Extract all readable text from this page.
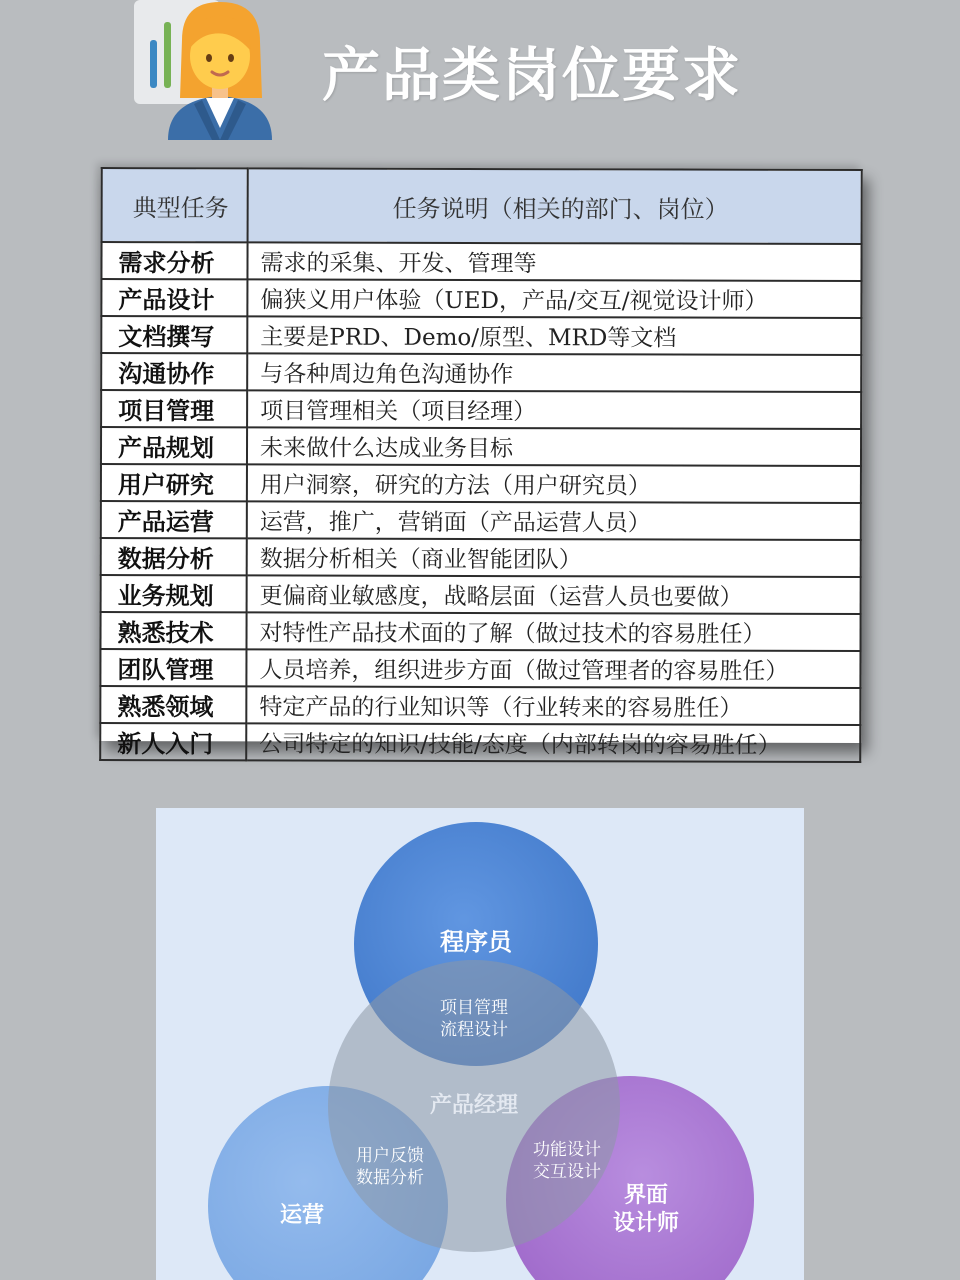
产品类岗位要求
典型任务	任务说明（相关的部门、岗位）
需求分析	需求的采集、开发、管理等
产品设计	偏狭义用户体验（UED，产品/交互/视觉设计师）
文档撰写	主要是PRD、Demo/原型、MRD等文档
沟通协作	与各种周边角色沟通协作
项目管理	项目管理相关（项目经理）
产品规划	未来做什么达成业务目标
用户研究	用户洞察，研究的方法（用户研究员）
产品运营	运营，推广，营销面（产品运营人员）
数据分析	数据分析相关（商业智能团队）
业务规划	更偏商业敏感度，战略层面（运营人员也要做）
熟悉技术	对特性产品技术面的了解（做过技术的容易胜任）
团队管理	人员培养，组织进步方面（做过管理者的容易胜任）
熟悉领域	特定产品的行业知识等（行业转来的容易胜任）
新人入门	公司特定的知识/技能/态度（内部转岗的容易胜任）
程序员
产品经理
运营
界面
设计师
项目管理
流程设计
用户反馈
数据分析
功能设计
交互设计
